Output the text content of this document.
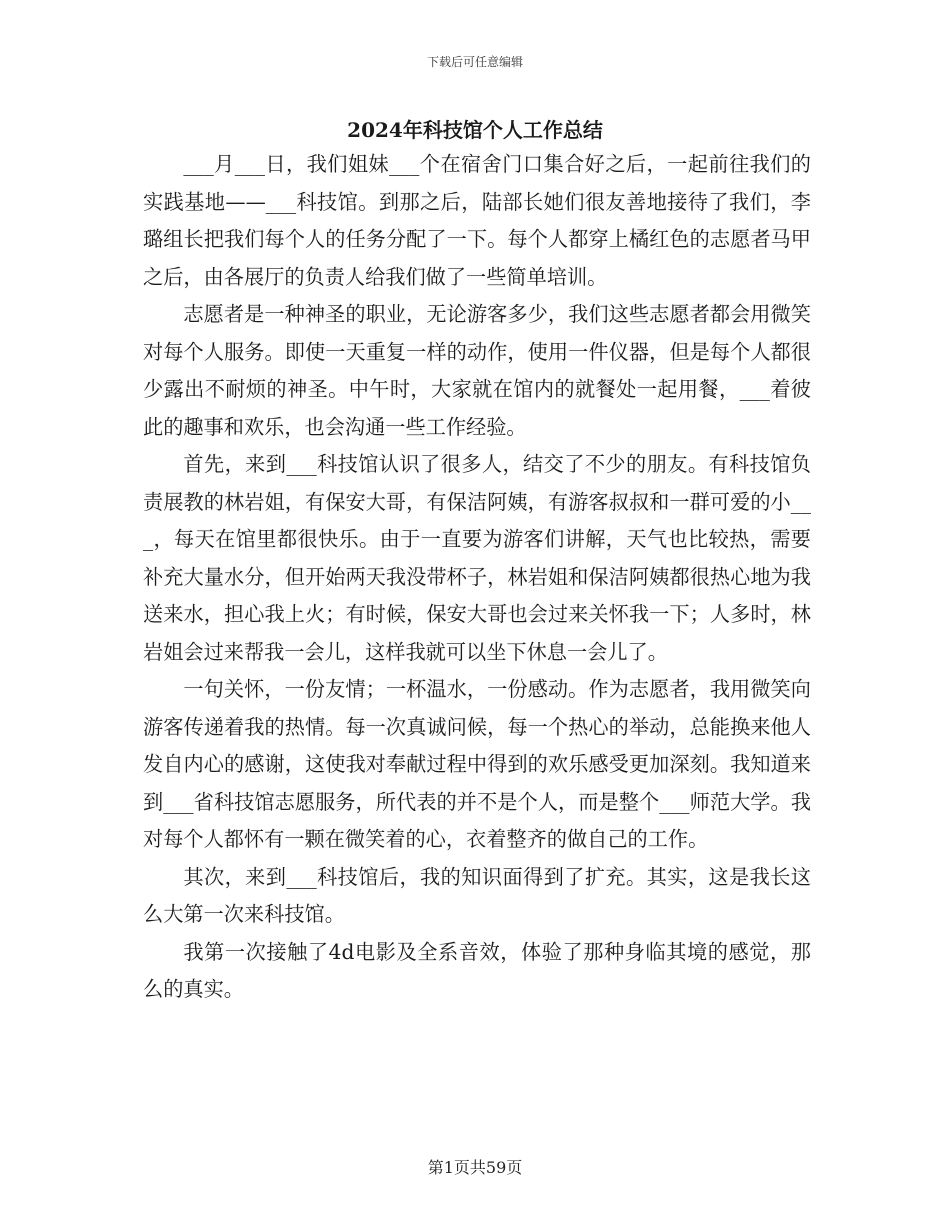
下载后可任意编辑
2024年科技馆个人工作总结

___月___日，我们姐妹___个在宿舍门口集合好之后，一起前往我们的实践基地——___科技馆。到那之后，陆部长她们很友善地接待了我们，李璐组长把我们每个人的任务分配了一下。每个人都穿上橘红色的志愿者马甲之后，由各展厅的负责人给我们做了一些简单培训。

志愿者是一种神圣的职业，无论游客多少，我们这些志愿者都会用微笑对每个人服务。即使一天重复一样的动作，使用一件仪器，但是每个人都很少露出不耐烦的神圣。中午时，大家就在馆内的就餐处一起用餐，___着彼此的趣事和欢乐，也会沟通一些工作经验。

首先，来到___科技馆认识了很多人，结交了不少的朋友。有科技馆负责展教的林岩姐，有保安大哥，有保洁阿姨，有游客叔叔和一群可爱的小___，每天在馆里都很快乐。由于一直要为游客们讲解，天气也比较热，需要补充大量水分，但开始两天我没带杯子，林岩姐和保洁阿姨都很热心地为我送来水，担心我上火；有时候，保安大哥也会过来关怀我一下；人多时，林岩姐会过来帮我一会儿，这样我就可以坐下休息一会儿了。

一句关怀，一份友情；一杯温水，一份感动。作为志愿者，我用微笑向游客传递着我的热情。每一次真诚问候，每一个热心的举动，总能换来他人发自内心的感谢，这使我对奉献过程中得到的欢乐感受更加深刻。我知道来到___省科技馆志愿服务，所代表的并不是个人，而是整个___师范大学。我对每个人都怀有一颗在微笑着的心，衣着整齐的做自己的工作。

其次，来到___科技馆后，我的知识面得到了扩充。其实，这是我长这么大第一次来科技馆。

我第一次接触了4d电影及全系音效，体验了那种身临其境的感觉，那么的真实。

第1页共59页
